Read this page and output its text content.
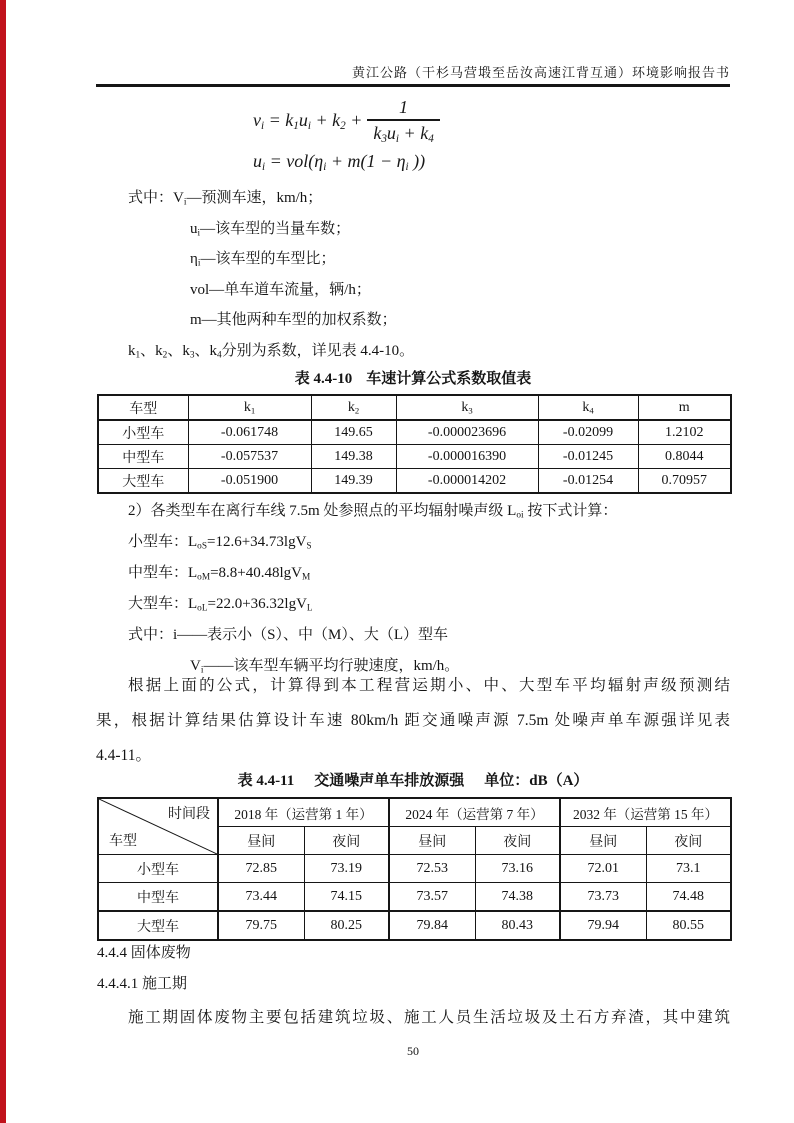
黄江公路（干杉马营塅至岳汝高速江背互通）环境影响报告书
$v_i = k_1u_i + k_2 + \frac{1}{k_3u_i + k_4}$
$u_i = vol(\eta_i + m(1 - \eta_i$ ))
式中：$V_i—$预测车速，km/h；
$u_i—$该车型的当量车数；
$\eta_i—$该车型的车型比；
vol—单车道车流量，辆/h；
m—其他两种车型的加权系数；
$k_1$、$k_2$、$k_3$、$k_4$分别为系数，详见表 4.4-10。
表 4.4-10 车速计算公式系数取值表
车型	$k_1$	$k_2$	$k_3$	$k_4$	m
小型车	-0.061748	149.65	-0.000023696	-0.02099	1.2102
中型车	-0.057537	149.38	-0.000016390	-0.01245	0.8044
大型车	-0.051900	149.39	-0.000014202	-0.01254	0.70957
2）各类型车在离行车线 7.5m 处参照点的平均辐射噪声级 $L_{oi}$ 按下式计算：
小型车：$L_{oS}=12.6+34.73\lg V_S$
中型车：$L_{oM}=8.8+40.48\lg V_M$
大型车：$L_{oL}=22.0+36.32\lg V_L$
式中：i——表示小（S）、中（M）、大（L）型车
$V_i——$该车型车辆平均行驶速度，km/h。
根据上面的公式，计算得到本工程营运期小、中、大型车平均辐射声级预测结
果，根据计算结果估算设计车速 80km/h 距交通噪声源 7.5m 处噪声单车源强详见表
4.4-11。
表 4.4-11 交通噪声单车排放源强 单位：dB（A）
时间段
车型	2018 年（运营第 1 年）		2024 年（运营第 7 年）		2032 年（运营第 15 年）	
	昼间	夜间	昼间	夜间	昼间	夜间
小型车	72.85	73.19	72.53	73.16	72.01	73.1
中型车	73.44	74.15	73.57	74.38	73.73	74.48
大型车	79.75	80.25	79.84	80.43	79.94	80.55
4.4.4 固体废物
4.4.4.1 施工期
施工期固体废物主要包括建筑垃圾、施工人员生活垃圾及土石方弃渣，其中建筑
50
